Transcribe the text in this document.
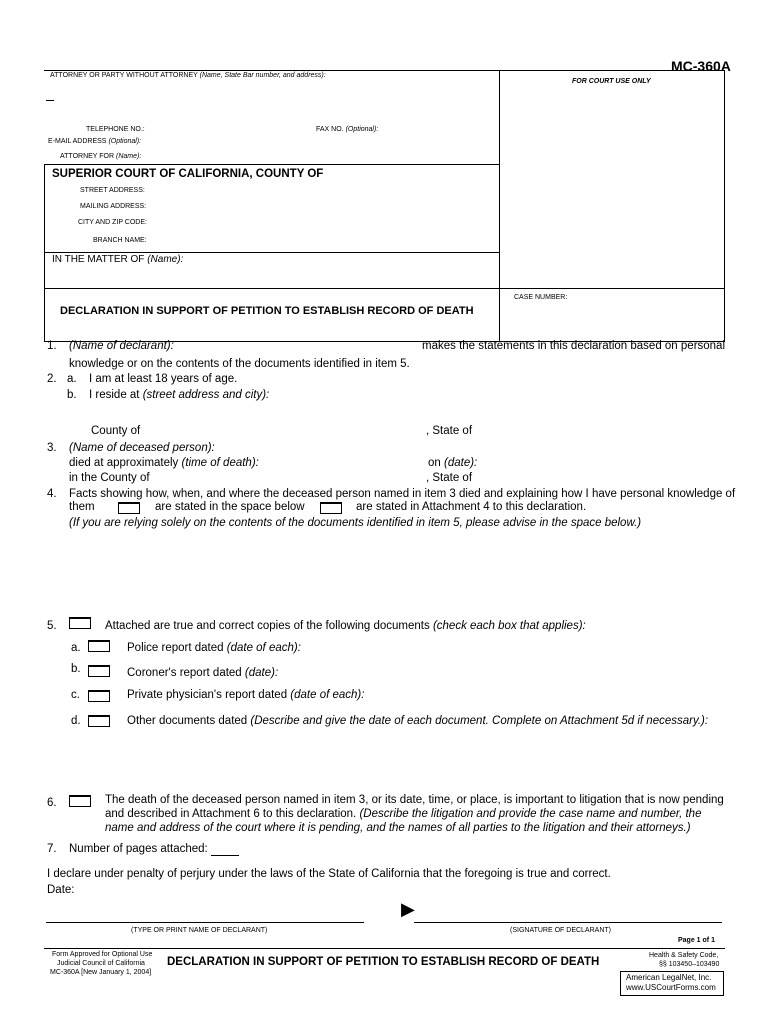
MC-360A
ATTORNEY OR PARTY WITHOUT ATTORNEY (Name, State Bar number, and address):
FOR COURT USE ONLY
TELEPHONE NO.:	FAX NO. (Optional):
E-MAIL ADDRESS (Optional):
ATTORNEY FOR (Name):
SUPERIOR COURT OF CALIFORNIA, COUNTY OF
STREET ADDRESS:
MAILING ADDRESS:
CITY AND ZIP CODE:
BRANCH NAME:
IN THE MATTER OF (Name):
CASE NUMBER:
DECLARATION IN SUPPORT OF PETITION TO ESTABLISH RECORD OF DEATH
1. (Name of declarant):	makes the statements in this declaration based on personal
knowledge or on the contents of the documents identified in item 5.
2. a. I am at least 18 years of age.
b. I reside at (street address and city):
County of	, State of
3. (Name of deceased person):
died at approximately (time of death):	on (date):
in the County of	, State of
4. Facts showing how, when, and where the deceased person named in item 3 died and explaining how I have personal knowledge of
them	are stated in the space below	are stated in Attachment 4 to this declaration.
(If you are relying solely on the contents of the documents identified in item 5, please advise in the space below.)
5.	Attached are true and correct copies of the following documents (check each box that applies):
a.	Police report dated (date of each):
b.	Coroner's report dated (date):
c.	Private physician's report dated (date of each):
d.	Other documents dated (Describe and give the date of each document. Complete on Attachment 5d if necessary.):
6.	The death of the deceased person named in item 3, or its date, time, or place, is important to litigation that is now pending
and described in Attachment 6 to this declaration. (Describe the litigation and provide the case name and number, the
name and address of the court where it is pending, and the names of all parties to the litigation and their attorneys.)
7. Number of pages attached:
I declare under penalty of perjury under the laws of the State of California that the foregoing is true and correct.
Date:
(TYPE OR PRINT NAME OF DECLARANT)
▶
(SIGNATURE OF DECLARANT)
Page 1 of 1
Form Approved for Optional Use
Judicial Council of California
MC-360A [New January 1, 2004]
DECLARATION IN SUPPORT OF PETITION TO ESTABLISH RECORD OF DEATH
Health & Safety Code,
§§ 103450–103490
American LegalNet, Inc.
www.USCourtForms.com
